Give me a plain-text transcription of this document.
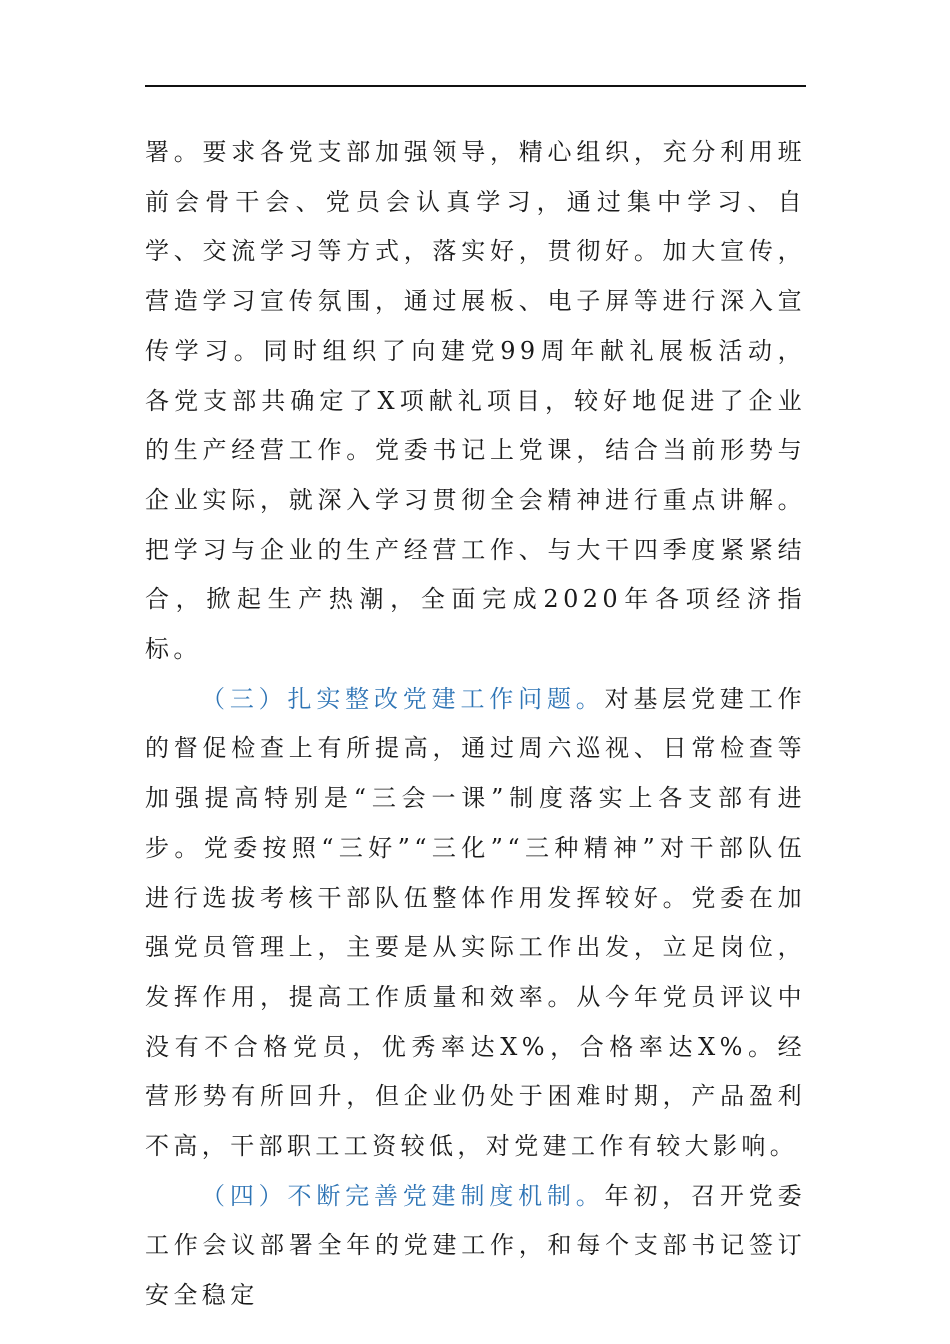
署。要求各党支部加强领导，精心组织，充分利用班前会骨干会、党员会认真学习，通过集中学习、自学、交流学习等方式，落实好，贯彻好。加大宣传，营造学习宣传氛围，通过展板、电子屏等进行深入宣传学习。同时组织了向建党99周年献礼展板活动，各党支部共确定了X项献礼项目，较好地促进了企业的生产经营工作。党委书记上党课，结合当前形势与企业实际，就深入学习贯彻全会精神进行重点讲解。把学习与企业的生产经营工作、与大干四季度紧紧结合，掀起生产热潮，全面完成2020年各项经济指标。

（三）扎实整改党建工作问题。对基层党建工作的督促检查上有所提高，通过周六巡视、日常检查等加强提高特别是“三会一课”制度落实上各支部有进步。党委按照“三好”“三化”“三种精神”对干部队伍进行选拔考核干部队伍整体作用发挥较好。党委在加强党员管理上，主要是从实际工作出发，立足岗位，发挥作用，提高工作质量和效率。从今年党员评议中没有不合格党员，优秀率达X%，合格率达X%。经营形势有所回升，但企业仍处于困难时期，产品盈利不高，干部职工工资较低，对党建工作有较大影响。

（四）不断完善党建制度机制。年初，召开党委工作会议部署全年的党建工作，和每个支部书记签订安全稳定
